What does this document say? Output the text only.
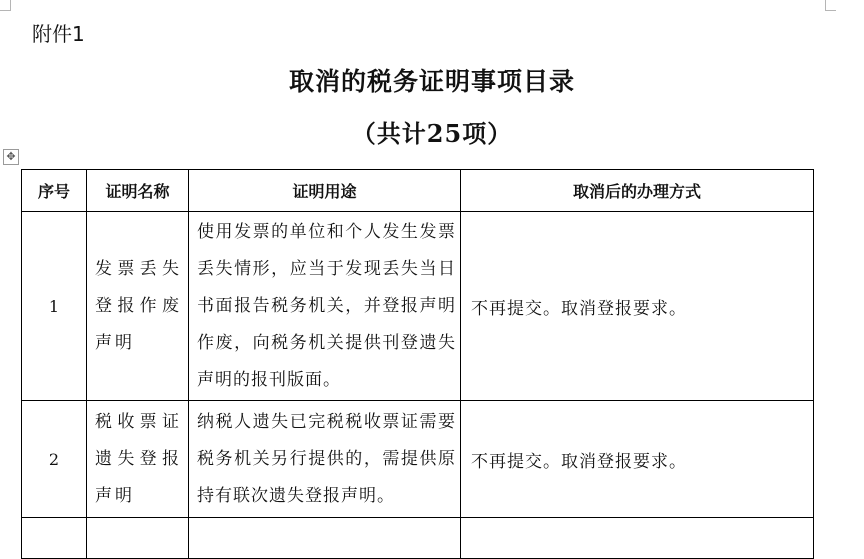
附件1
取消的税务证明事项目录
（共计25项）
✥
序号	证明名称	证明用途	取消后的办理方式
1	发票丢失登报作废声明	使用发票的单位和个人发生发票丢失情形，应当于发现丢失当日书面报告税务机关，并登报声明作废，向税务机关提供刊登遗失声明的报刊版面。	不再提交。取消登报要求。
2	税收票证遗失登报声明	纳税人遗失已完税税收票证需要税务机关另行提供的，需提供原持有联次遗失登报声明。	不再提交。取消登报要求。
